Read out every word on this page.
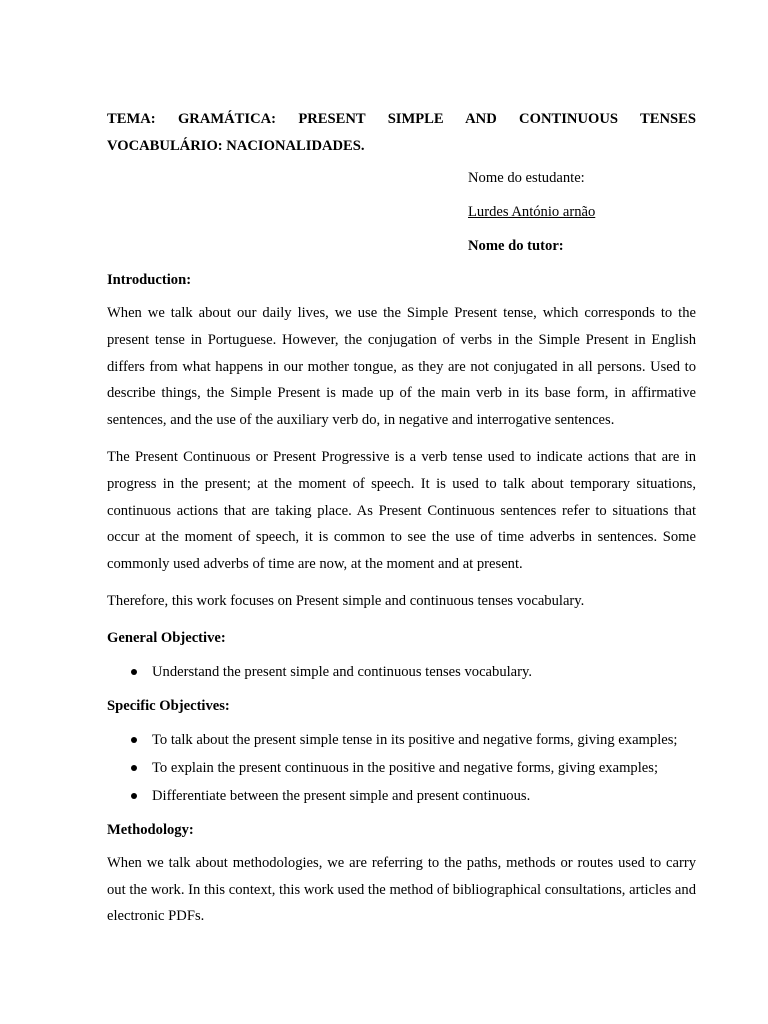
TEMA: GRAMÁTICA: PRESENT SIMPLE AND CONTINUOUS TENSES
VOCABULÁRIO: NACIONALIDADES.
Nome do estudante:
Lurdes António arnão
Nome do tutor:
Introduction:

When we talk about our daily lives, we use the Simple Present tense, which corresponds to the present tense in Portuguese. However, the conjugation of verbs in the Simple Present in English differs from what happens in our mother tongue, as they are not conjugated in all persons. Used to describe things, the Simple Present is made up of the main verb in its base form, in affirmative sentences, and the use of the auxiliary verb do, in negative and interrogative sentences.

The Present Continuous or Present Progressive is a verb tense used to indicate actions that are in progress in the present; at the moment of speech. It is used to talk about temporary situations, continuous actions that are taking place. As Present Continuous sentences refer to situations that occur at the moment of speech, it is common to see the use of time adverbs in sentences. Some commonly used adverbs of time are now, at the moment and at present.

Therefore, this work focuses on Present simple and continuous tenses vocabulary.

General Objective:
Understand the present simple and continuous tenses vocabulary.
Specific Objectives:
To talk about the present simple tense in its positive and negative forms, giving examples;
To explain the present continuous in the positive and negative forms, giving examples;
Differentiate between the present simple and present continuous.
Methodology:

When we talk about methodologies, we are referring to the paths, methods or routes used to carry out the work. In this context, this work used the method of bibliographical consultations, articles and electronic PDFs.
